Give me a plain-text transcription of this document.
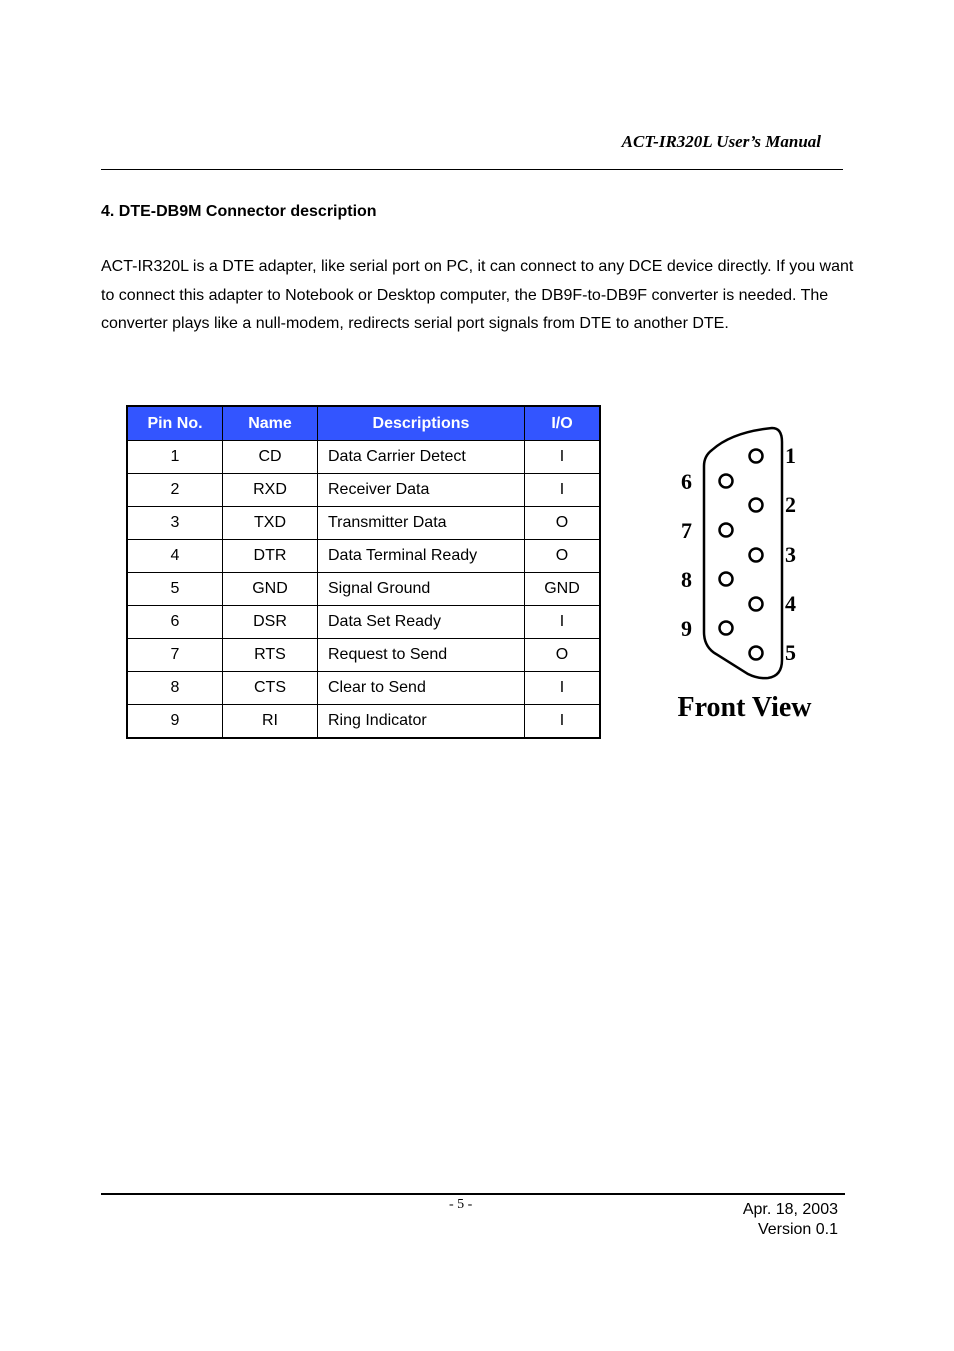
ACT-IR320L User’s Manual
4. DTE-DB9M Connector description

ACT-IR320L is a DTE adapter, like serial port on PC, it can connect to any DCE device directly. If you want to connect this adapter to Notebook or Desktop computer, the DB9F-to-DB9F converter is needed. The converter plays like a null-modem, redirects serial port signals from DTE to another DTE.

Pin No.	Name	Descriptions	I/O
1	CD	Data Carrier Detect	I
2	RXD	Receiver Data	I
3	TXD	Transmitter Data	O
4	DTR	Data Terminal Ready	O
5	GND	Signal Ground	GND
6	DSR	Data Set Ready	I
7	RTS	Request to Send	O
8	CTS	Clear to Send	I
9	RI	Ring Indicator	I
1
2
3
4
5
6
7
8
9
Front View
- 5 -	Apr. 18, 2003
Version 0.1
